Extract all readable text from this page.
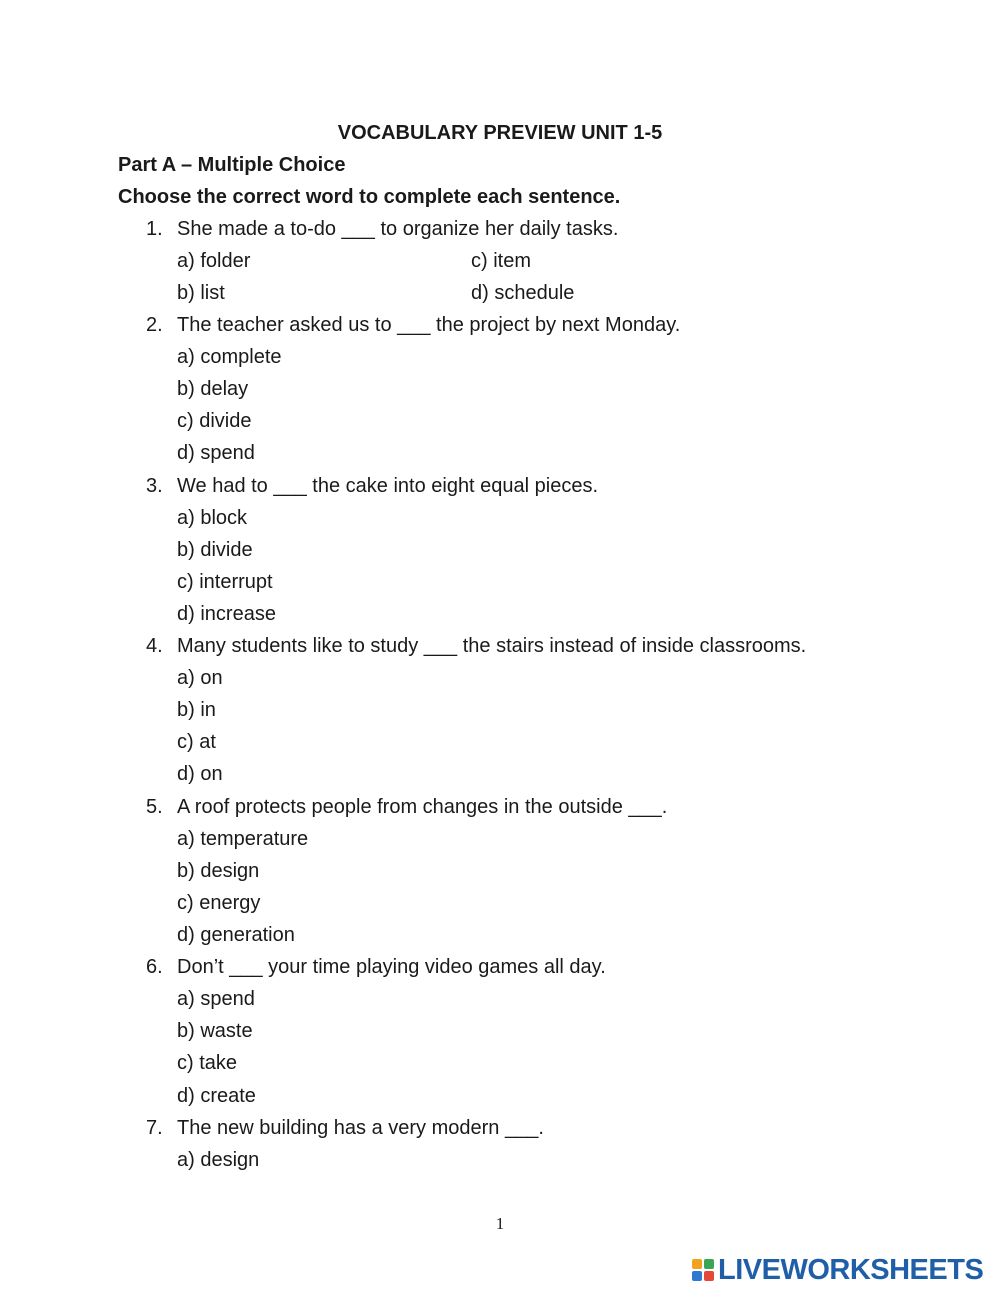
VOCABULARY PREVIEW UNIT 1-5
Part A – Multiple Choice
Choose the correct word to complete each sentence.
1. She made a to-do ___ to organize her daily tasks.
a) folder
b) list
c) item
d) schedule
2. The teacher asked us to ___ the project by next Monday.
a) complete
b) delay
c) divide
d) spend
3. We had to ___ the cake into eight equal pieces.
a) block
b) divide
c) interrupt
d) increase
4. Many students like to study ___ the stairs instead of inside classrooms.
a) on
b) in
c) at
d) on
5. A roof protects people from changes in the outside ___.
a) temperature
b) design
c) energy
d) generation
6. Don’t ___ your time playing video games all day.
a) spend
b) waste
c) take
d) create
7. The new building has a very modern ___.
a) design
1
LIVEWORKSHEETS
